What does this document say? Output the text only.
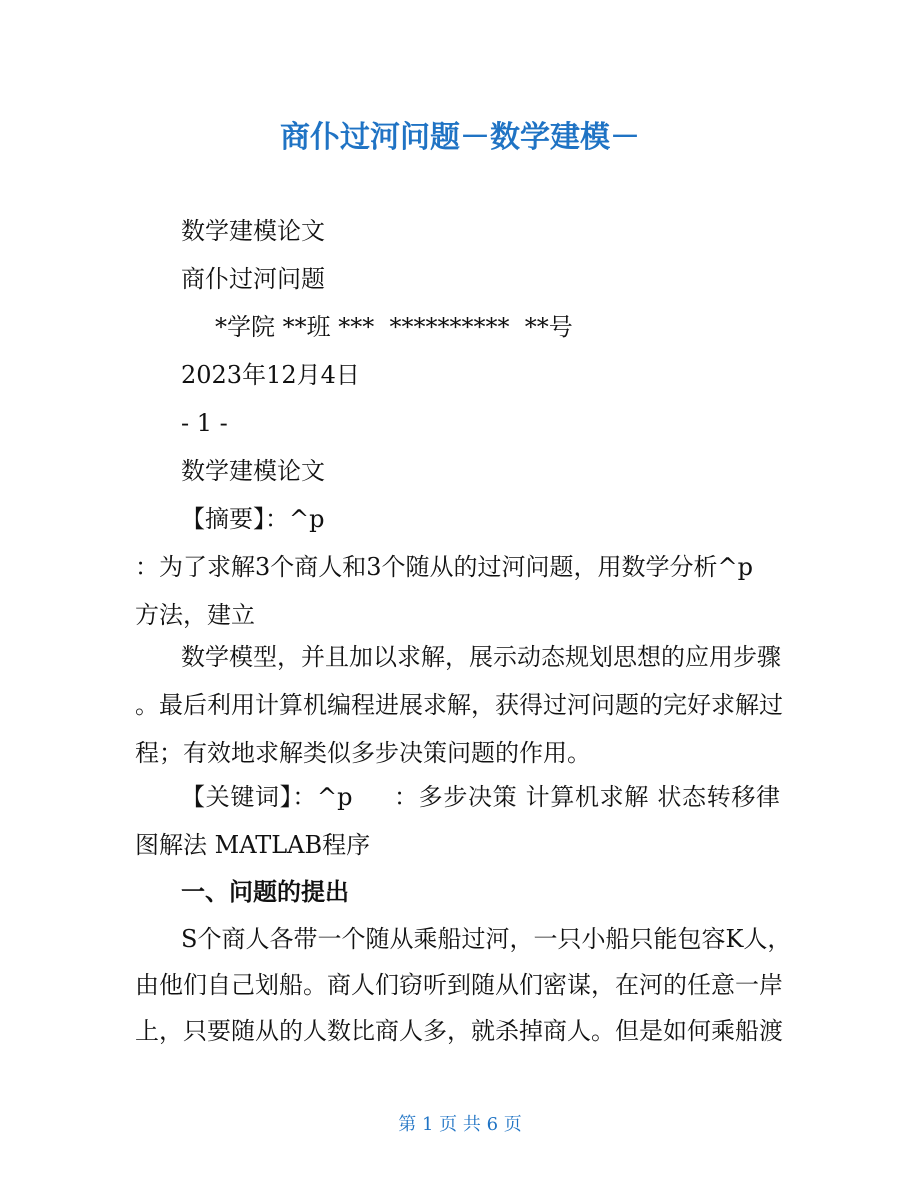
商仆过河问题－数学建模－
数学建模论文
商仆过河问题
*学院 **班 ***  **********  **号
2023年12月4日
- 1 -
数学建模论文
【摘要】：^p
：为了求解3个商人和3个随从的过河问题，用数学分析^p
方法，建立
数学模型，并且加以求解，展示动态规划思想的应用步骤
。最后利用计算机编程进展求解，获得过河问题的完好求解过
程；有效地求解类似多步决策问题的作用。
【关键词】：^p     ：多步决策 计算机求解 状态转移律
图解法 MATLAB程序
一、问题的提出
S个商人各带一个随从乘船过河，一只小船只能包容K人，
由他们自己划船。商人们窃听到随从们密谋，在河的任意一岸
上，只要随从的人数比商人多，就杀掉商人。但是如何乘船渡
第 1 页 共 6 页
